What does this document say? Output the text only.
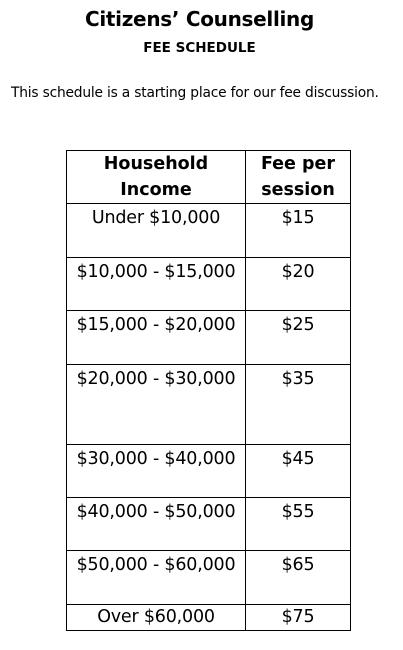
Citizens’ Counselling
FEE SCHEDULE
This schedule is a starting place for our fee discussion.
Household Income	Fee per session
Under $10,000	$15
$10,000 - $15,000	$20
$15,000 - $20,000	$25
$20,000 - $30,000	$35
$30,000 - $40,000	$45
$40,000 - $50,000	$55
$50,000 - $60,000	$65
Over $60,000	$75
